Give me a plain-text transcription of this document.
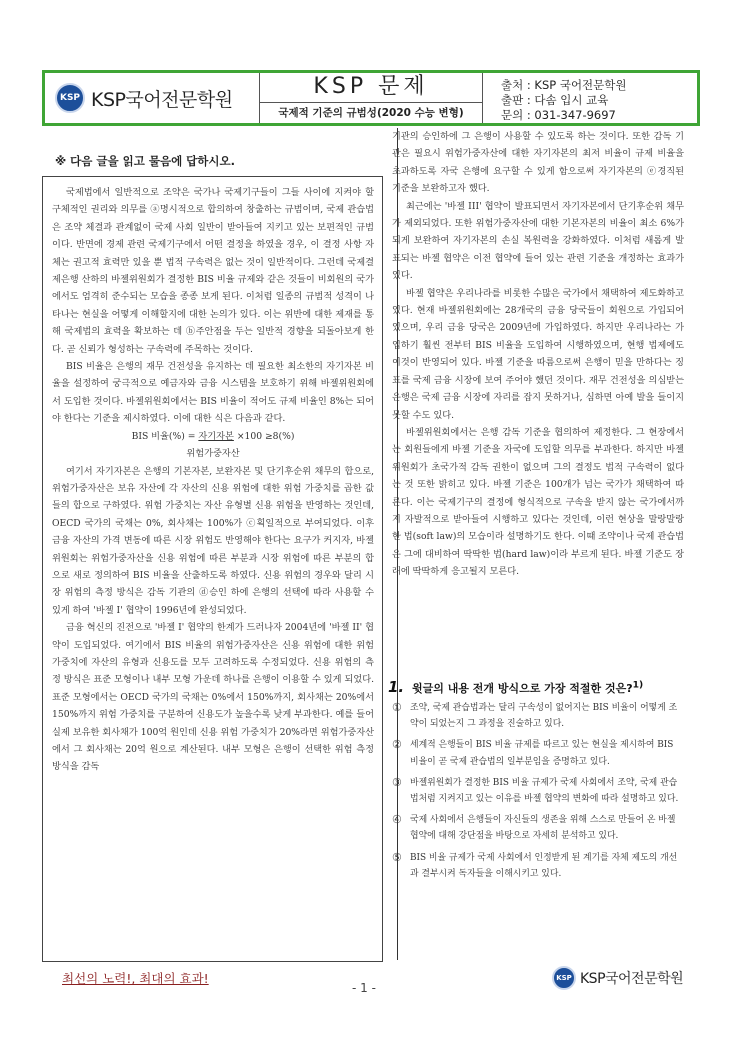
KSP KSP국어전문학원
KSP 문제
국제적 기준의 규범성(2020 수능 변형)
출처 : KSP 국어전문학원
출판 : 다솜 입시 교육
문의 : 031-347-9697
※ 다음 글을 읽고 물음에 답하시오.

국제법에서 일반적으로 조약은 국가나 국제기구들이 그들 사이에 지켜야 할 구체적인 권리와 의무를 ⓐ명시적으로 합의하여 창출하는 규범이며, 국제 관습법은 조약 체결과 관계없이 국제 사회 일반이 받아들여 지키고 있는 보편적인 규범이다. 반면에 경제 관련 국제기구에서 어떤 결정을 하였을 경우, 이 결정 사항 자체는 권고적 효력만 있을 뿐 법적 구속력은 없는 것이 일반적이다. 그런데 국제결제은행 산하의 바젤위원회가 결정한 BIS 비율 규제와 같은 것들이 비회원의 국가에서도 엄격히 준수되는 모습을 종종 보게 된다. 이처럼 일종의 규범적 성격이 나타나는 현실을 어떻게 이해할지에 대한 논의가 있다. 이는 위반에 대한 제재를 통해 국제법의 효력을 확보하는 데 ⓑ주안점을 두는 일반적 경향을 되돌아보게 한다. 곧 신뢰가 형성하는 구속력에 주목하는 것이다.

BIS 비율은 은행의 재무 건전성을 유지하는 데 필요한 최소한의 자기자본 비율을 설정하여 궁극적으로 예금자와 금융 시스템을 보호하기 위해 바젤위원회에서 도입한 것이다. 바젤위원회에서는 BIS 비율이 적어도 규제 비율인 8%는 되어야 한다는 기준을 제시하였다. 이에 대한 식은 다음과 같다.

BIS 비율(%) = 자기자본 ×100 ≥8(%)

위험가중자산

여기서 자기자본은 은행의 기본자본, 보완자본 및 단기후순위 채무의 합으로, 위험가중자산은 보유 자산에 각 자산의 신용 위험에 대한 위험 가중치를 곱한 값들의 합으로 구하였다. 위험 가중치는 자산 유형별 신용 위험을 반영하는 것인데, OECD 국가의 국채는 0%, 회사채는 100%가 ⓒ획일적으로 부여되었다. 이후 금융 자산의 가격 변동에 따른 시장 위험도 반영해야 한다는 요구가 커지자, 바젤위원회는 위험가중자산을 신용 위험에 따른 부분과 시장 위험에 따른 부분의 합으로 새로 정의하여 BIS 비율을 산출하도록 하였다. 신용 위험의 경우와 달리 시장 위험의 측정 방식은 감독 기관의 ⓓ승인 하에 은행의 선택에 따라 사용할 수 있게 하여 '바젤 I' 협약이 1996년에 완성되었다.

금융 혁신의 진전으로 '바젤 I' 협약의 한계가 드러나자 2004년에 '바젤 II' 협약이 도입되었다. 여기에서 BIS 비율의 위험가중자산은 신용 위험에 대한 위험 가중치에 자산의 유형과 신용도를 모두 고려하도록 수정되었다. 신용 위험의 측정 방식은 표준 모형이나 내부 모형 가운데 하나를 은행이 이용할 수 있게 되었다. 표준 모형에서는 OECD 국가의 국채는 0%에서 150%까지, 회사채는 20%에서 150%까지 위험 가중치를 구분하여 신용도가 높을수록 낮게 부과한다. 예를 들어 실제 보유한 회사채가 100억 원인데 신용 위험 가중치가 20%라면 위험가중자산에서 그 회사채는 20억 원으로 계산된다. 내부 모형은 은행이 선택한 위험 측정 방식을 감독

기관의 승인하에 그 은행이 사용할 수 있도록 하는 것이다. 또한 감독 기관은 필요시 위험가중자산에 대한 자기자본의 최저 비율이 규제 비율을 초과하도록 자국 은행에 요구할 수 있게 함으로써 자기자본의 ⓔ경직된 기준을 보완하고자 했다.

최근에는 '바젤 III' 협약이 발표되면서 자기자본에서 단기후순위 채무가 제외되었다. 또한 위험가중자산에 대한 기본자본의 비율이 최소 6%가 되게 보완하여 자기자본의 손실 복원력을 강화하였다. 이처럼 새롭게 발표되는 바젤 협약은 이전 협약에 들어 있는 관련 기준을 개정하는 효과가 있다.

바젤 협약은 우리나라를 비롯한 수많은 국가에서 채택하여 제도화하고 있다. 현재 바젤위원회에는 28개국의 금융 당국들이 회원으로 가입되어 있으며, 우리 금융 당국은 2009년에 가입하였다. 하지만 우리나라는 가입하기 훨씬 전부터 BIS 비율을 도입하여 시행하였으며, 현행 법제에도 이것이 반영되어 있다. 바젤 기준을 따름으로써 은행이 믿을 만하다는 징표를 국제 금융 시장에 보여 주어야 했던 것이다. 재무 건전성을 의심받는 은행은 국제 금융 시장에 자리를 잡지 못하거나, 심하면 아예 발을 들이지 못할 수도 있다.

바젤위원회에서는 은행 감독 기준을 협의하여 제정한다. 그 현장에서는 회원들에게 바젤 기준을 자국에 도입할 의무를 부과한다. 하지만 바젤위원회가 초국가적 감독 권한이 없으며 그의 결정도 법적 구속력이 없다는 것 또한 밝히고 있다. 바젤 기준은 100개가 넘는 국가가 채택하여 따른다. 이는 국제기구의 결정에 형식적으로 구속을 받지 않는 국가에서까지 자발적으로 받아들여 시행하고 있다는 것인데, 이런 현상을 말랑말랑한 법(soft law)의 모습이라 설명하기도 한다. 이때 조약이나 국제 관습법은 그에 대비하여 딱딱한 법(hard law)이라 부르게 된다. 바젤 기준도 장래에 딱딱하게 응고될지 모른다.

1. 윗글의 내용 전개 방식으로 가장 적절한 것은?$^{1)}$
① 조약, 국제 관습법과는 달리 구속성이 없어지는 BIS 비율이 어떻게 조약이 되었는지 그 과정을 진술하고 있다.
② 세계적 은행들이 BIS 비율 규제를 따르고 있는 현실을 제시하여 BIS 비율이 곧 국제 관습법의 일부분임을 증명하고 있다.
③ 바젤위원회가 결정한 BIS 비율 규제가 국제 사회에서 조약, 국제 관습법처럼 지켜지고 있는 이유를 바젤 협약의 변화에 따라 설명하고 있다.
④ 국제 사회에서 은행들이 자신들의 생존을 위해 스스로 만들어 온 바젤 협약에 대해 강단점을 바탕으로 자세히 분석하고 있다.
⑤ BIS 비율 규제가 국제 사회에서 인정받게 된 계기를 자체 제도의 개선과 결부시켜 독자들을 이해시키고 있다.
최선의 노력!, 최대의 효과!
- 1 -
KSP KSP국어전문학원
